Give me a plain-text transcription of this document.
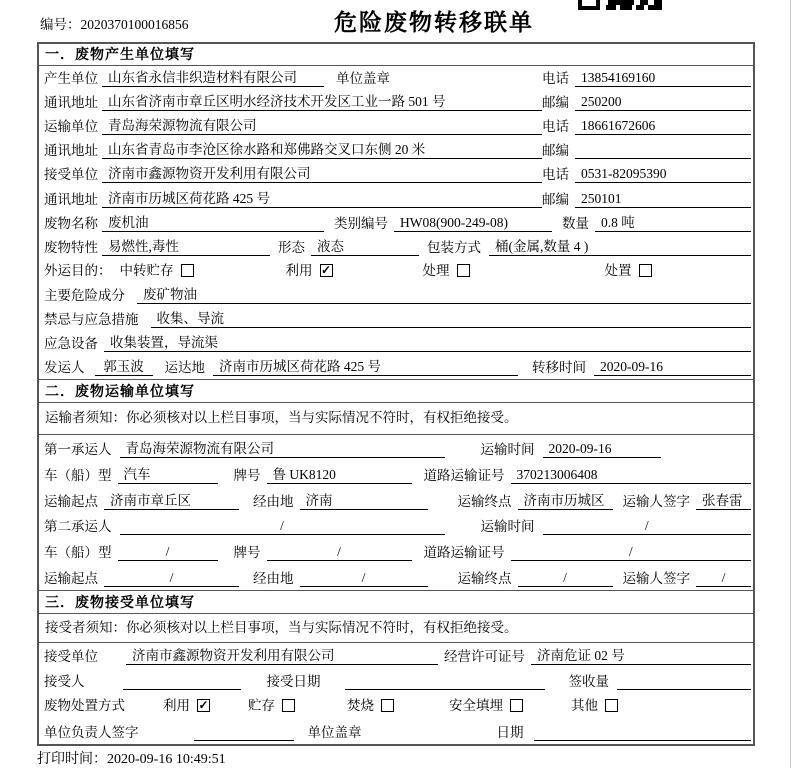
编号：2020370100016856	危险废物转移联单
一．废物产生单位填写
产生单位 山东省永信非织造材料有限公司	单位盖章	电话 13854169160
通讯地址 山东省济南市章丘区明水经济技术开发区工业一路 501 号	邮编 250200
运输单位 青岛海荣源物流有限公司	电话 18661672606
通讯地址 山东省青岛市李沧区徐水路和郑佛路交叉口东侧 20 米	邮编
接受单位 济南市鑫源物资开发利用有限公司	电话 0531-82095390
通讯地址 济南市历城区荷花路 425 号	邮编 250101
废物名称 废机油	类别编号 HW08(900-249-08)	数量 0.8 吨
废物特性 易燃性,毒性	形态 液态	包装方式	桶(金属,数量 4 )
外运目的： 中转贮存	利用 ✓	处理	处置
主要危险成分	废矿物油
禁忌与应急措施	收集、导流
应急设备 收集装置，导流渠
发运人	郭玉波	运达地	济南市历城区荷花路 425 号	转移时间	2020-09-16
二．废物运输单位填写
运输者须知：你必须核对以上栏目事项，当与实际情况不符时，有权拒绝接受。
第一承运人	青岛海荣源物流有限公司	运输时间	2020-09-16
车（船）型 汽车	牌号 鲁 UK8120	道路运输证号 370213006408
运输起点 济南市章丘区	经由地 济南	运输终点 济南市历城区	运输人签字 张春雷
第二承运人	/	运输时间	/
车（船）型	/	牌号	/	道路运输证号	/
运输起点	/	经由地	/	运输终点	/	运输人签字	/
三．废物接受单位填写
接受者须知：你必须核对以上栏目事项，当与实际情况不符时，有权拒绝接受。
接受单位	济南市鑫源物资开发利用有限公司	经营许可证号 济南危证 02 号
接受人	接受日期	签收量
废物处置方式	利用 ✓	贮存	焚烧	安全填埋	其他
单位负责人签字	单位盖章	日期
打印时间：2020-09-16 10:49:51
